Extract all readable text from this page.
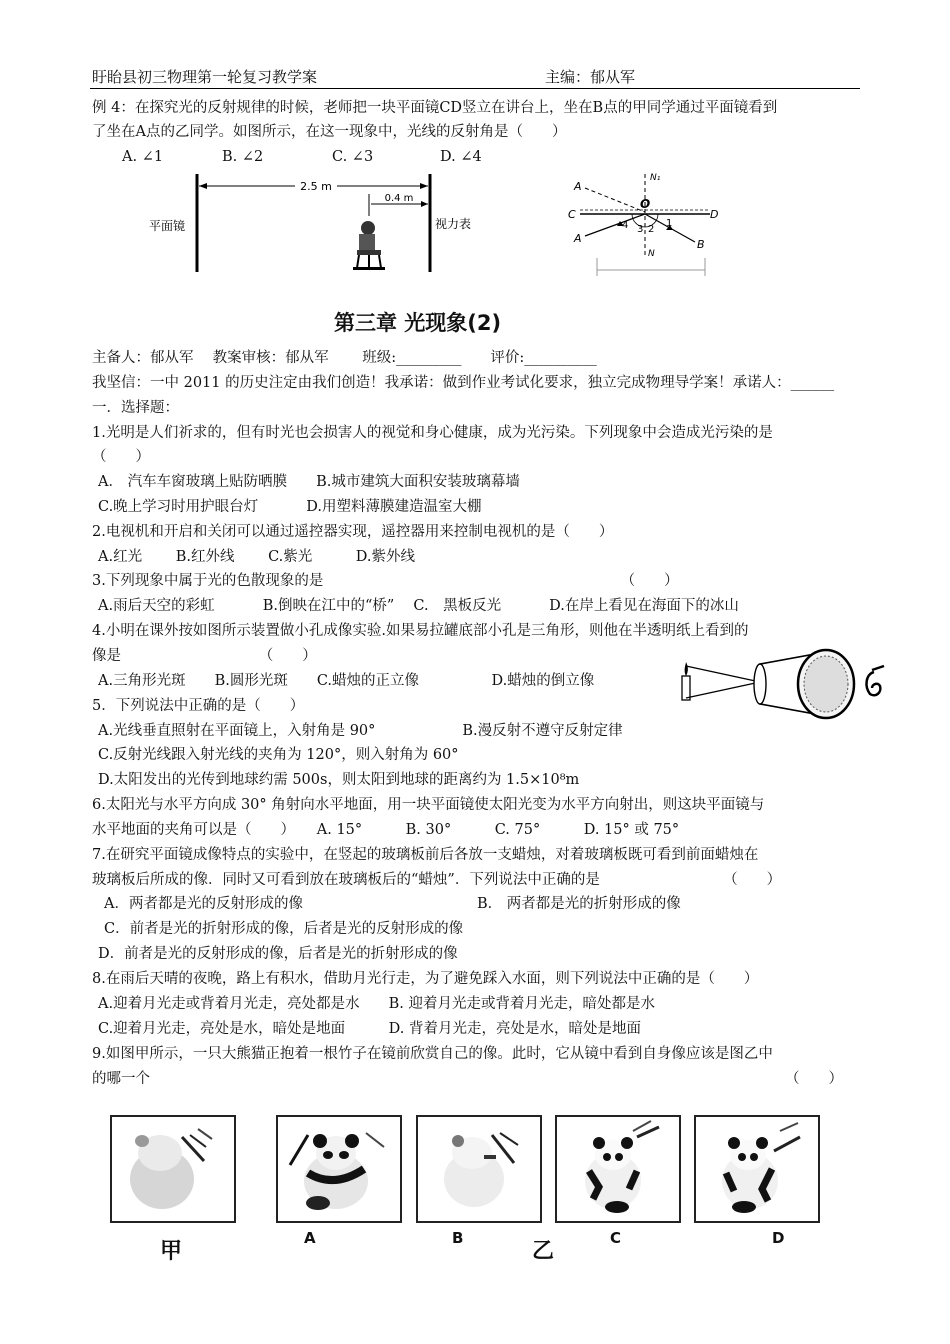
盱眙县初三物理第一轮复习教学案	主编：郁从军
例 4：在探究光的反射规律的时候，老师把一块平面镜CD竖立在讲台上，坐在B点的甲同学通过平面镜看到
了坐在A点的乙同学。如图所示，在这一现象中，光线的反射角是（　　）
A. ∠1	B. ∠2	C. ∠3	D. ∠4
2.5 m
0.4 m
平面镜	视力表
N₁
O
C	D
A
A	B
N
1
2
3
4
第三章 光现象(2)
主备人：郁从军　 教案审核：郁从军　　 班级:_________　　评价:__________
我坚信：一中 2011 的历史注定由我们创造！我承诺：做到作业考试化要求，独立完成物理导学案！承诺人：______
一．选择题：
1.光明是人们祈求的，但有时光也会损害人的视觉和身心健康，成为光污染。下列现象中会造成光污染的是
（　　）
A． 汽车车窗玻璃上贴防晒膜　　B.城市建筑大面积安装玻璃幕墙
C.晚上学习时用护眼台灯　　　 D.用塑料薄膜建造温室大棚
2.电视机和开启和关闭可以通过遥控器实现，遥控器用来控制电视机的是（　　）
A.红光　　 B.红外线　　 C.紫光　　　D.紫外线
3.下列现象中属于光的色散现象的是　　　　　　　　　　　　　　　　　　　　　（　　）
A.雨后天空的彩虹　　　 B.倒映在江中的“桥”　 C.　黑板反光　　　 D.在岸上看见在海面下的冰山
4.小明在课外按如图所示装置做小孔成像实验.如果易拉罐底部小孔是三角形，则他在半透明纸上看到的
像是　　　　　　　　　　（　　）
A.三角形光斑　　B.圆形光斑　　C.蜡烛的正立像　　　　　D.蜡烛的倒立像
5．下列说法中正确的是（　　）
A.光线垂直照射在平面镜上，入射角是 90°　　　　　　B.漫反射不遵守反射定律
C.反射光线跟入射光线的夹角为 120°，则入射角为 60°
D.太阳发出的光传到地球约需 500s，则太阳到地球的距离约为 1.5×10⁸m
6.太阳光与水平方向成 30° 角射向水平地面，用一块平面镜使太阳光变为水平方向射出，则这块平面镜与
水平地面的夹角可以是（　　）　　A. 15°　　　B. 30°　　　C. 75°　　　D. 15° 或 75°
7.在研究平面镜成像特点的实验中，在竖起的玻璃板前后各放一支蜡烛，对着玻璃板既可看到前面蜡烛在
玻璃板后所成的像．同时又可看到放在玻璃板后的“蜡烛”．下列说法中正确的是　　　　　　　　　（　　）
A．两者都是光的反射形成的像　　　　　　　　　　　　B． 两者都是光的折射形成的像
C．前者是光的折射形成的像，后者是光的反射形成的像
D．前者是光的反射形成的像，后者是光的折射形成的像
8.在雨后天晴的夜晚，路上有积水，借助月光行走，为了避免踩入水面，则下列说法中正确的是（　　）
A.迎着月光走或背着月光走，亮处都是水　　B. 迎着月光走或背着月光走，暗处都是水
C.迎着月光走，亮处是水，暗处是地面　　　D. 背着月光走，亮处是水，暗处是地面
9.如图甲所示，一只大熊猫正抱着一根竹子在镜前欣赏自己的像。此时，它从镜中看到自身像应该是图乙中
的哪一个	（　　）
甲
A	B
乙
C	D
